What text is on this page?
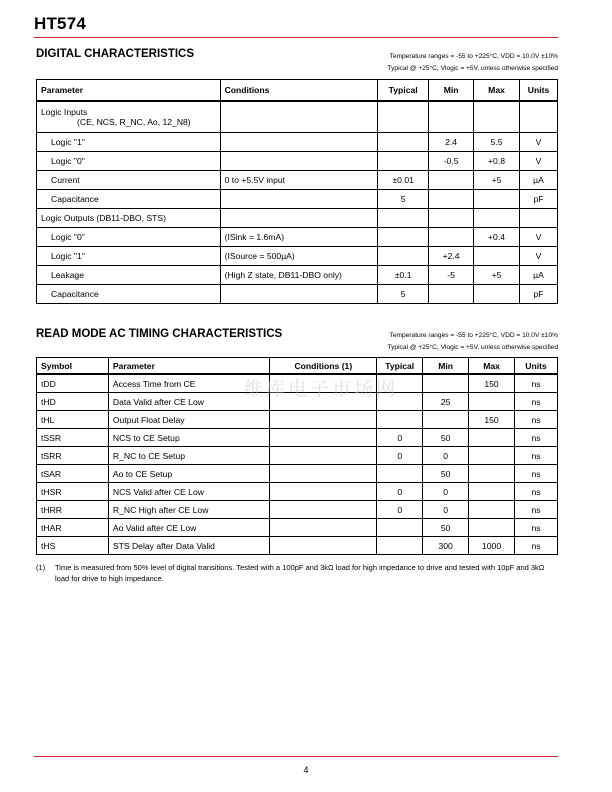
HT574
DIGITAL CHARACTERISTICS	Temperature ranges = -55 to +225°C, VDD = 10.0V ±10%
Typical @ +25°C, Vlogic = +5V, unless otherwise specified
Parameter	Conditions	Typical	Min	Max	Units

Logic Inputs
(CE, NCS, R_NC, Ao, 12_N8)					

Logic "1"			2.4	5.5	V
Logic "0"			-0.5	+0.8	V
Current	0 to +5.5V input	±0.01		+5	µA
Capacitance		5			pF
Logic Outputs (DB11-DBO, STS)					
Logic "0"	(ISink = 1.6mA)			+0.4	V
Logic "1"	(ISource = 500µA)		+2.4		V
Leakage	(High Z state, DB11-DBO only)	±0.1	-5	+5	µA
Capacitance		5			pF
READ MODE AC TIMING CHARACTERISTICS	Temperature ranges = -55 to +225°C, VDD = 10.0V ±10%
Typical @ +25°C, Vlogic = +5V, unless otherwise specified
Symbol	Parameter	Conditions (1)	Typical	Min	Max	Units
tDD	Access Time from CE				150	ns
tHD	Data Valid after CE Low			25		ns
tHL	Output Float Delay				150	ns
tSSR	NCS to CE Setup		0	50		ns
tSRR	R_NC to CE Setup		0	0		ns
tSAR	Ao to CE Setup			50		ns
tHSR	NCS Valid after CE Low		0	0		ns
tHRR	R_NC High after CE Low		0	0		ns
tHAR	Ao Valid after CE Low			50		ns
tHS	STS Delay after Data Valid			300	1000	ns
维库电子市场网
(1) Time is measured from 50% level of digital transitions. Tested with a 100pF and 3kΩ load for high impedance to drive and tested with 10pF and 3kΩ load for drive to high impedance.
4
